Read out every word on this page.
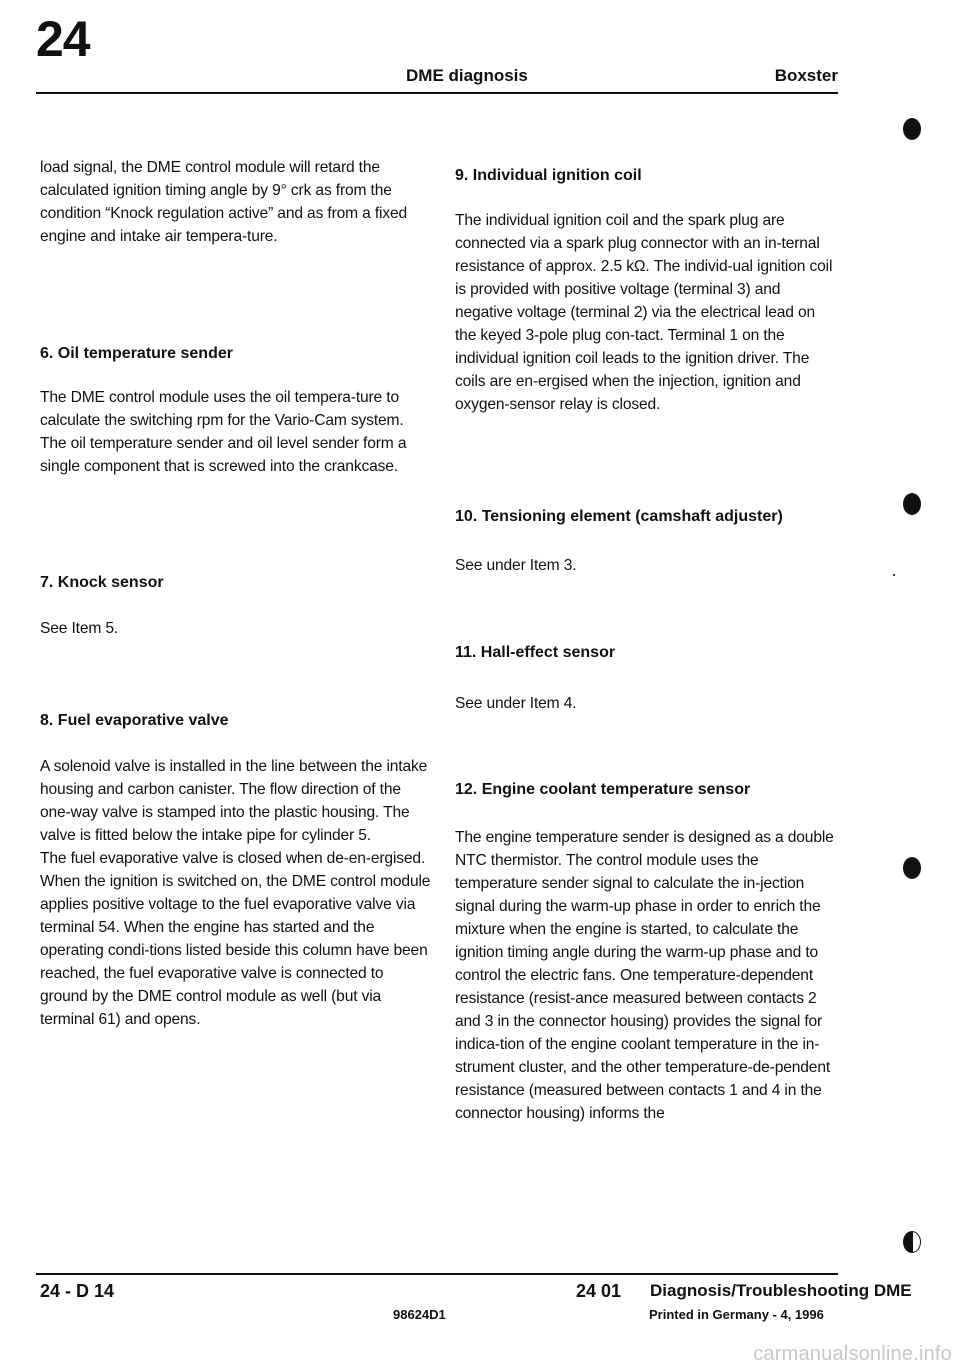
24
DME diagnosis	Boxster

load signal, the DME control module will retard the calculated ignition timing angle by 9° crk as from the condition “Knock regulation active” and as from a fixed engine and intake air tempera-ture.

6. Oil temperature sender

The DME control module uses the oil tempera-ture to calculate the switching rpm for the Vario-Cam system. The oil temperature sender and oil level sender form a single component that is screwed into the crankcase.

7. Knock sensor

See Item 5.

8. Fuel evaporative valve

A solenoid valve is installed in the line between the intake housing and carbon canister. The flow direction of the one-way valve is stamped into the plastic housing. The valve is fitted below the intake pipe for cylinder 5.

The fuel evaporative valve is closed when de-en-ergised. When the ignition is switched on, the DME control module applies positive voltage to the fuel evaporative valve via terminal 54. When the engine has started and the operating condi-tions listed beside this column have been reached, the fuel evaporative valve is connected to ground by the DME control module as well (but via terminal 61) and opens.

9. Individual ignition coil

The individual ignition coil and the spark plug are connected via a spark plug connector with an in-ternal resistance of approx. 2.5 kΩ. The individ-ual ignition coil is provided with positive voltage (terminal 3) and negative voltage (terminal 2) via the electrical lead on the keyed 3-pole plug con-tact. Terminal 1 on the individual ignition coil leads to the ignition driver. The coils are en-ergised when the injection, ignition and oxygen-sensor relay is closed.

10. Tensioning element (camshaft adjuster)

See under Item 3.

11. Hall-effect sensor

See under Item 4.

12. Engine coolant temperature sensor

The engine temperature sender is designed as a double NTC thermistor. The control module uses the temperature sender signal to calculate the in-jection signal during the warm-up phase in order to enrich the mixture when the engine is started, to calculate the ignition timing angle during the warm-up phase and to control the electric fans. One temperature-dependent resistance (resist-ance measured between contacts 2 and 3 in the connector housing) provides the signal for indica-tion of the engine coolant temperature in the in-strument cluster, and the other temperature-de-pendent resistance (measured between contacts 1 and 4 in the connector housing) informs the

24 - D 14	24 01 Diagnosis/Troubleshooting DME
98624D1	Printed in Germany - 4, 1996
carmanualsonline.info
